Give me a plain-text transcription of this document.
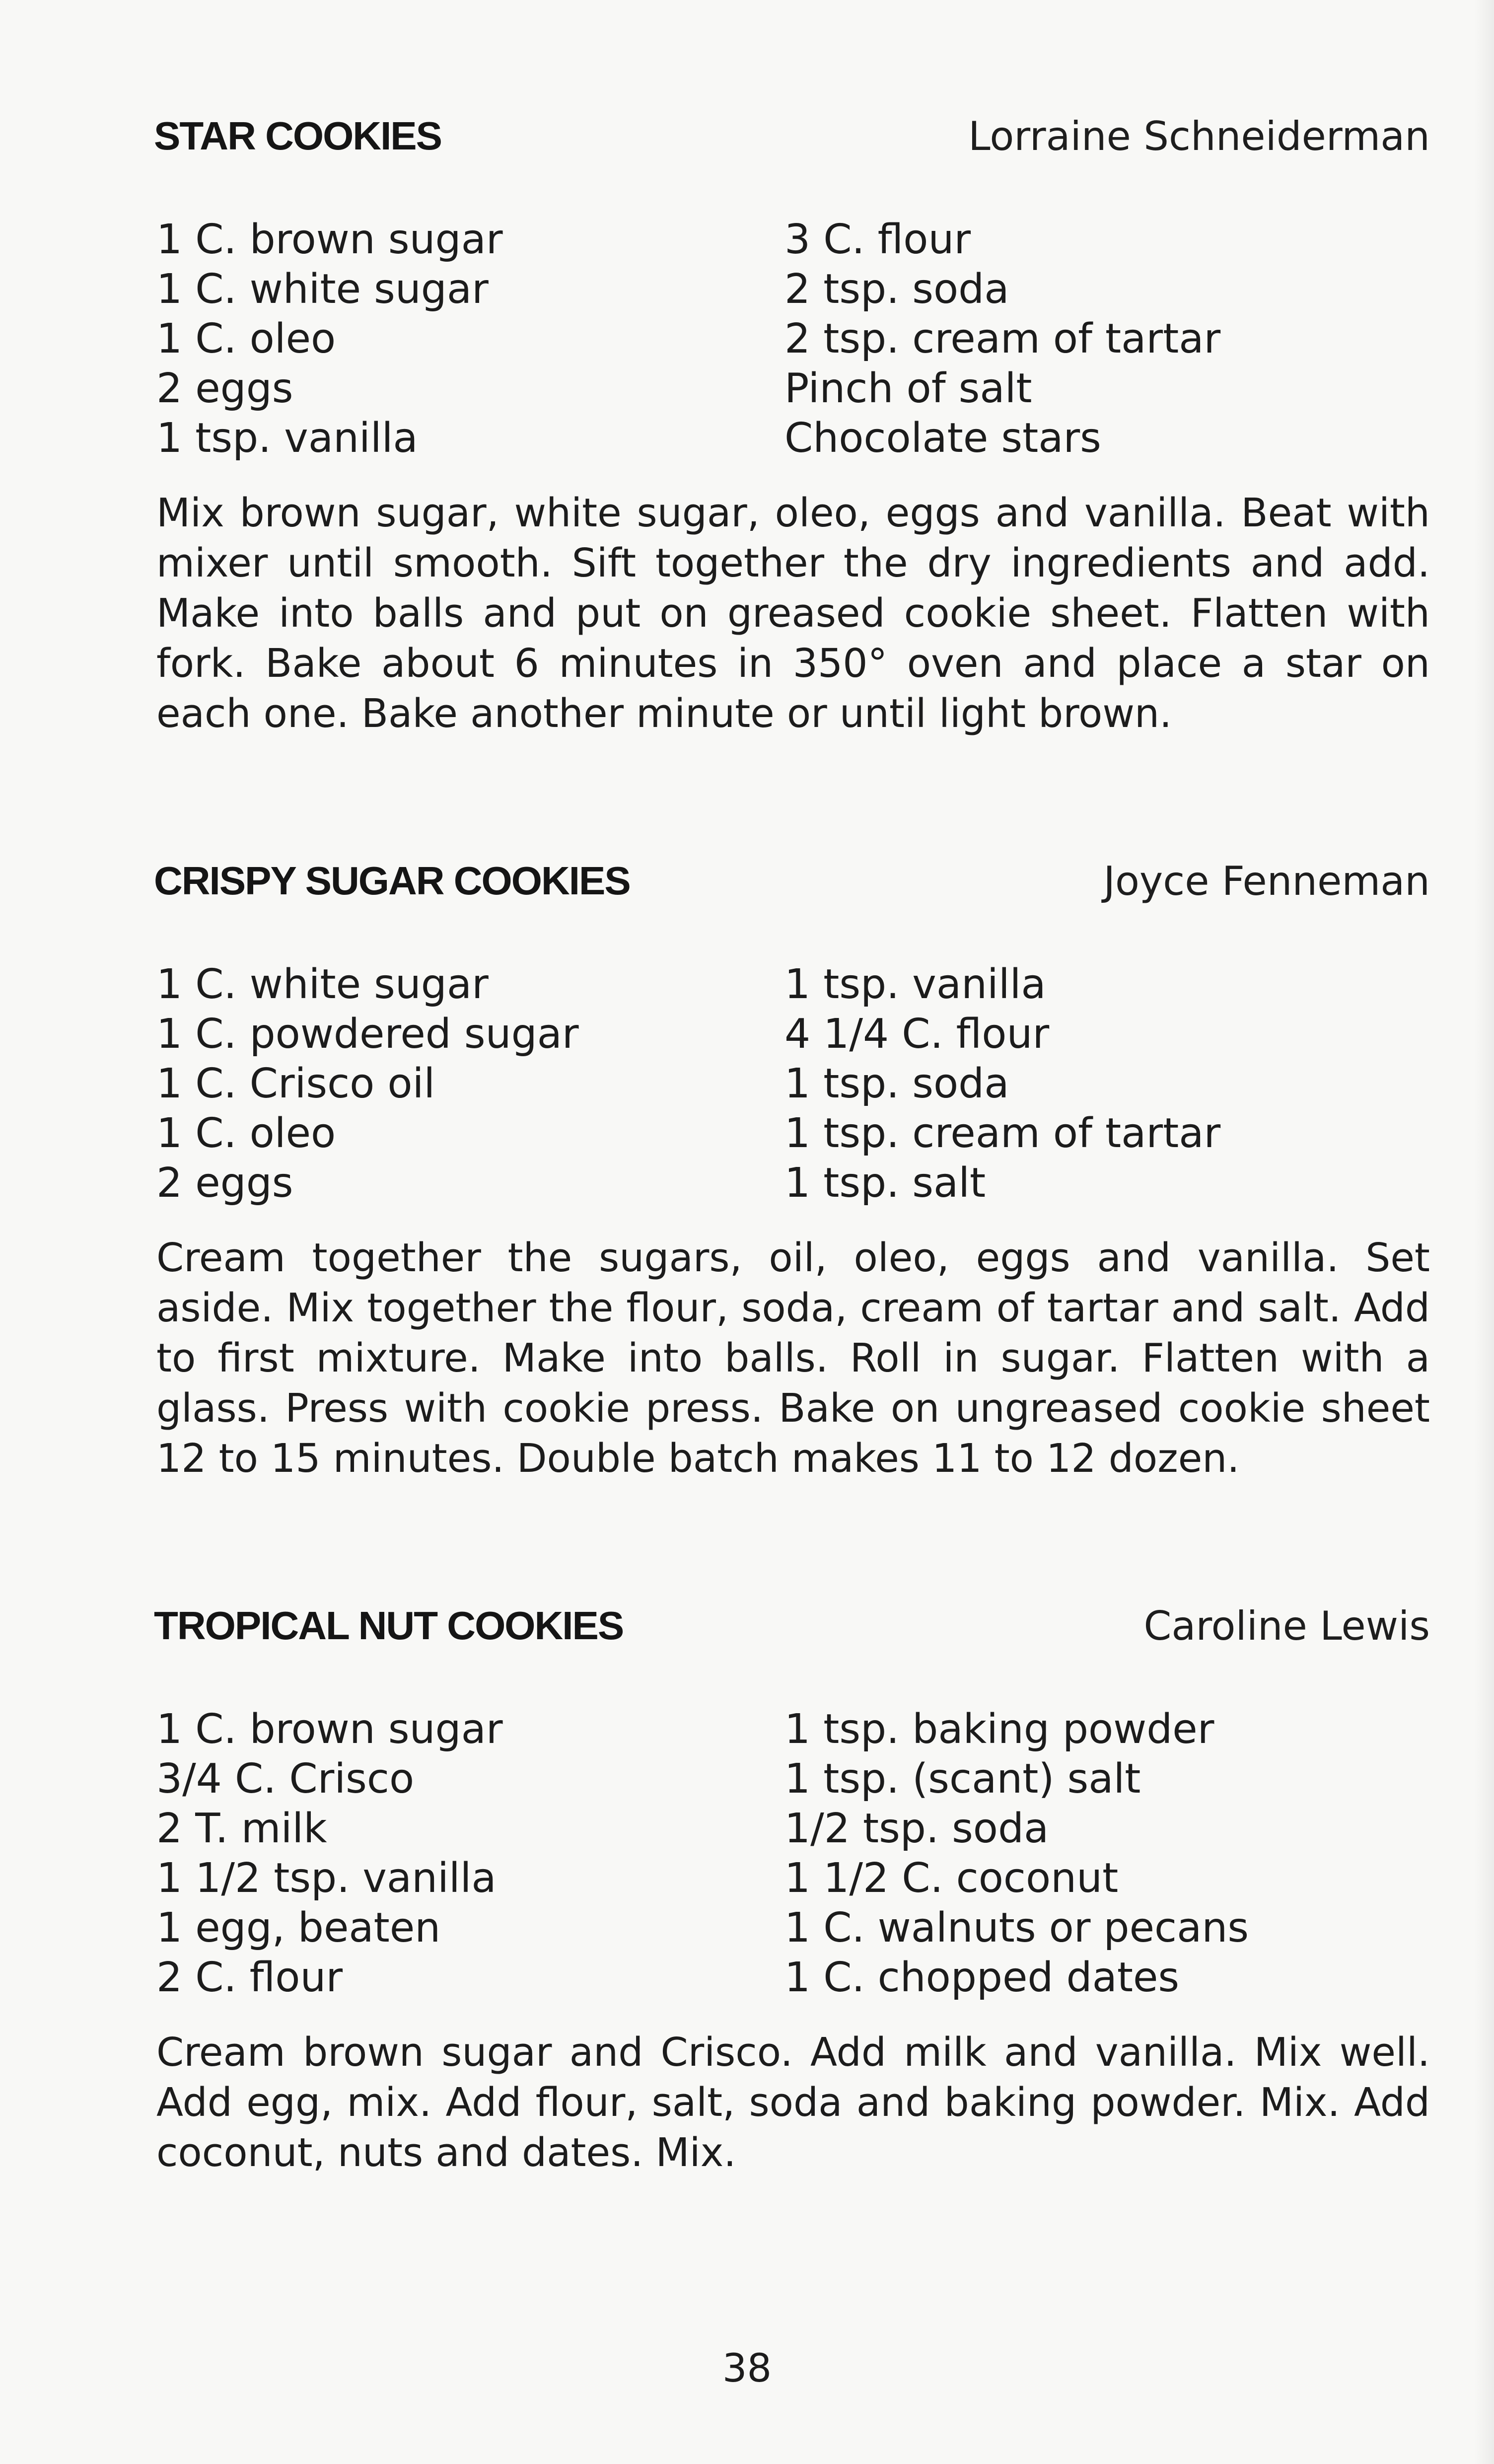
STAR COOKIES	Lorraine Schneiderman
1 C. brown sugar
1 C. white sugar
1 C. oleo
2 eggs
1 tsp. vanilla
3 C. flour
2 tsp. soda
2 tsp. cream of tartar
Pinch of salt
Chocolate stars
Mix brown sugar, white sugar, oleo, eggs and vanilla. Beat with mixer until smooth. Sift together the dry ingredients and add. Make into balls and put on greased cookie sheet. Flatten with fork. Bake about 6 minutes in 350° oven and place a star on each one. Bake another minute or until light brown.
CRISPY SUGAR COOKIES	Joyce Fenneman
1 C. white sugar
1 C. powdered sugar
1 C. Crisco oil
1 C. oleo
2 eggs
1 tsp. vanilla
4 1/4 C. flour
1 tsp. soda
1 tsp. cream of tartar
1 tsp. salt
Cream together the sugars, oil, oleo, eggs and vanilla. Set aside. Mix together the flour, soda, cream of tartar and salt. Add to first mixture. Make into balls. Roll in sugar. Flatten with a glass. Press with cookie press. Bake on ungreased cookie sheet 12 to 15 minutes. Double batch makes 11 to 12 dozen.
TROPICAL NUT COOKIES	Caroline Lewis
1 C. brown sugar
3/4 C. Crisco
2 T. milk
1 1/2 tsp. vanilla
1 egg, beaten
2 C. flour
1 tsp. baking powder
1 tsp. (scant) salt
1/2 tsp. soda
1 1/2 C. coconut
1 C. walnuts or pecans
1 C. chopped dates
Cream brown sugar and Crisco. Add milk and vanilla. Mix well. Add egg, mix. Add flour, salt, soda and baking powder. Mix. Add coconut, nuts and dates. Mix.
38
